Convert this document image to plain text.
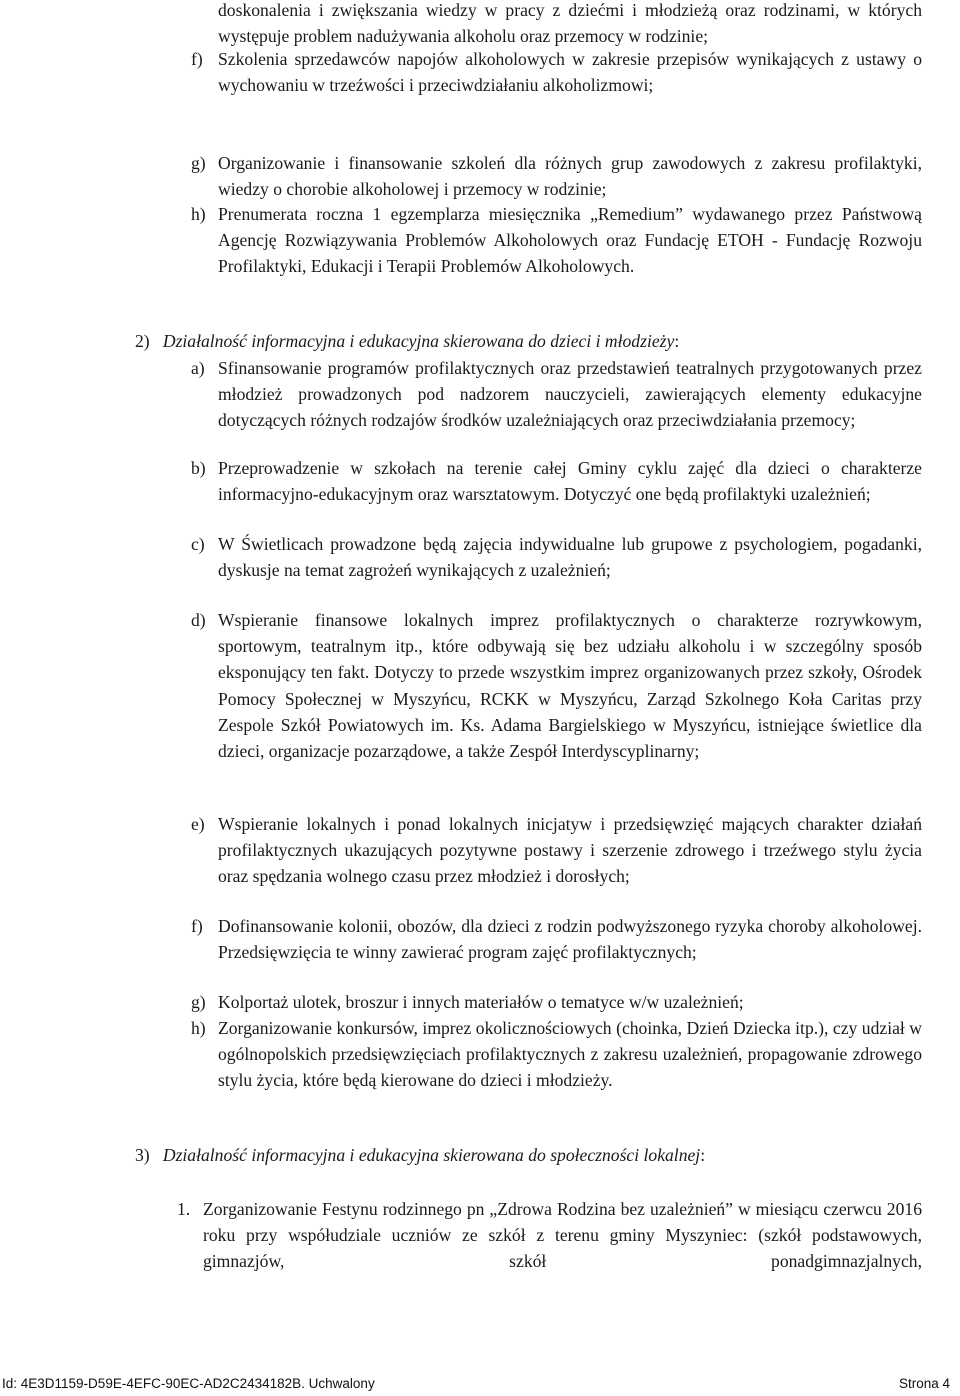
doskonalenia i zwiększania wiedzy w pracy z dziećmi i młodzieżą oraz rodzinami, w których występuje problem nadużywania alkoholu oraz przemocy w rodzinie;
f) Szkolenia sprzedawców napojów alkoholowych w zakresie przepisów wynikających z ustawy o wychowaniu w trzeźwości i przeciwdziałaniu alkoholizmowi;
g) Organizowanie i finansowanie szkoleń dla różnych grup zawodowych z zakresu profilaktyki, wiedzy o chorobie alkoholowej i przemocy w rodzinie;
h) Prenumerata roczna 1 egzemplarza miesięcznika „Remedium” wydawanego przez Państwową Agencję Rozwiązywania Problemów Alkoholowych oraz Fundację ETOH - Fundację Rozwoju Profilaktyki, Edukacji i Terapii Problemów Alkoholowych.
2) Działalność informacyjna i edukacyjna skierowana do dzieci i młodzieży:
a) Sfinansowanie programów profilaktycznych oraz przedstawień teatralnych przygotowanych przez młodzież prowadzonych pod nadzorem nauczycieli, zawierających elementy edukacyjne dotyczących różnych rodzajów środków uzależniających oraz przeciwdziałania przemocy;
b) Przeprowadzenie w szkołach na terenie całej Gminy cyklu zajęć dla dzieci o charakterze informacyjno-edukacyjnym oraz warsztatowym. Dotyczyć one będą profilaktyki uzależnień;
c) W Świetlicach prowadzone będą zajęcia indywidualne lub grupowe z psychologiem, pogadanki, dyskusje na temat zagrożeń wynikających z uzależnień;
d) Wspieranie finansowe lokalnych imprez profilaktycznych o charakterze rozrywkowym, sportowym, teatralnym itp., które odbywają się bez udziału alkoholu i w szczególny sposób eksponujący ten fakt. Dotyczy to przede wszystkim imprez organizowanych przez szkoły, Ośrodek Pomocy Społecznej w Myszyńcu, RCKK w Myszyńcu, Zarząd Szkolnego Koła Caritas przy Zespole Szkół Powiatowych im. Ks. Adama Bargielskiego w Myszyńcu, istniejące świetlice dla dzieci, organizacje pozarządowe, a także Zespół Interdyscyplinarny;
e) Wspieranie lokalnych i ponad lokalnych inicjatyw i przedsięwzięć mających charakter działań profilaktycznych ukazujących pozytywne postawy i szerzenie zdrowego i trzeźwego stylu życia oraz spędzania wolnego czasu przez młodzież i dorosłych;
f) Dofinansowanie kolonii, obozów, dla dzieci z rodzin podwyższonego ryzyka choroby alkoholowej. Przedsięwzięcia te winny zawierać program zajęć profilaktycznych;
g) Kolportaż ulotek, broszur i innych materiałów o tematyce w/w uzależnień;
h) Zorganizowanie konkursów, imprez okolicznościowych (choinka, Dzień Dziecka itp.), czy udział w ogólnopolskich przedsięwzięciach profilaktycznych z zakresu uzależnień, propagowanie zdrowego stylu życia, które będą kierowane do dzieci i młodzieży.
3) Działalność informacyjna i edukacyjna skierowana do społeczności lokalnej:
1. Zorganizowanie Festynu rodzinnego pn „Zdrowa Rodzina bez uzależnień” w miesiącu czerwcu 2016 roku przy współudziale uczniów ze szkół z terenu gminy Myszyniec: (szkół podstawowych, gimnazjów, szkół ponadgimnazjalnych,
Id: 4E3D1159-D59E-4EFC-90EC-AD2C2434182B. Uchwalony	Strona 4
